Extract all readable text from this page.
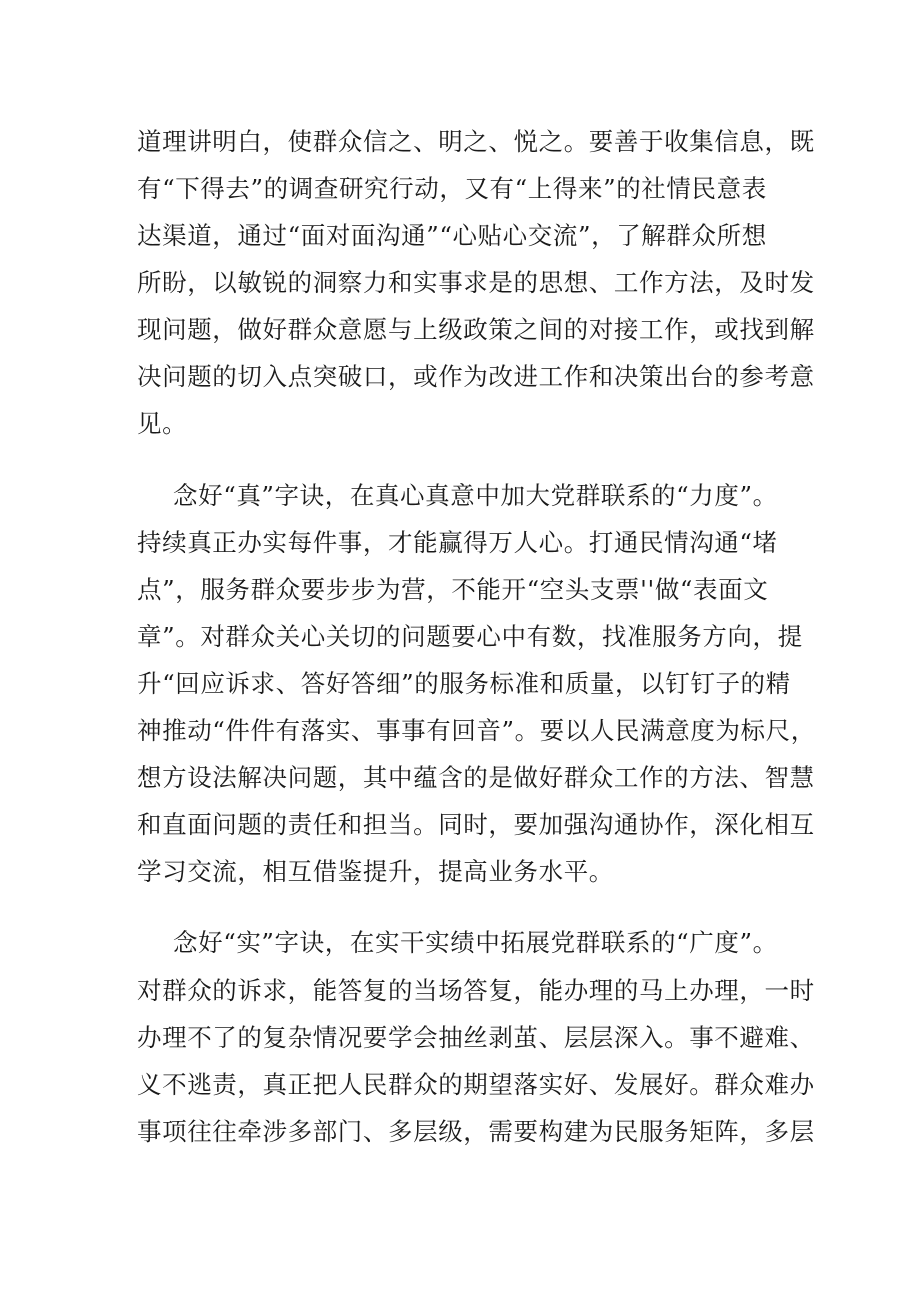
道理讲明白，使群众信之、明之、悦之。要善于收集信息，既
有“下得去”的调查研究行动，又有“上得来”的社情民意表
达渠道，通过“面对面沟通”“心贴心交流”，了解群众所想
所盼，以敏锐的洞察力和实事求是的思想、工作方法，及时发
现问题，做好群众意愿与上级政策之间的对接工作，或找到解
决问题的切入点突破口，或作为改进工作和决策出台的参考意
见。
念好“真”字诀，在真心真意中加大党群联系的“力度”。
持续真正办实每件事，才能赢得万人心。打通民情沟通“堵
点”，服务群众要步步为营，不能开“空头支票''做“表面文
章”。对群众关心关切的问题要心中有数，找准服务方向，提
升“回应诉求、答好答细”的服务标准和质量，以钉钉子的精
神推动“件件有落实、事事有回音”。要以人民满意度为标尺，
想方设法解决问题，其中蕴含的是做好群众工作的方法、智慧
和直面问题的责任和担当。同时，要加强沟通协作，深化相互
学习交流，相互借鉴提升，提高业务水平。
念好“实”字诀，在实干实绩中拓展党群联系的“广度”。
对群众的诉求，能答复的当场答复，能办理的马上办理，一时
办理不了的复杂情况要学会抽丝剥茧、层层深入。事不避难、
义不逃责，真正把人民群众的期望落实好、发展好。群众难办
事项往往牵涉多部门、多层级，需要构建为民服务矩阵，多层
